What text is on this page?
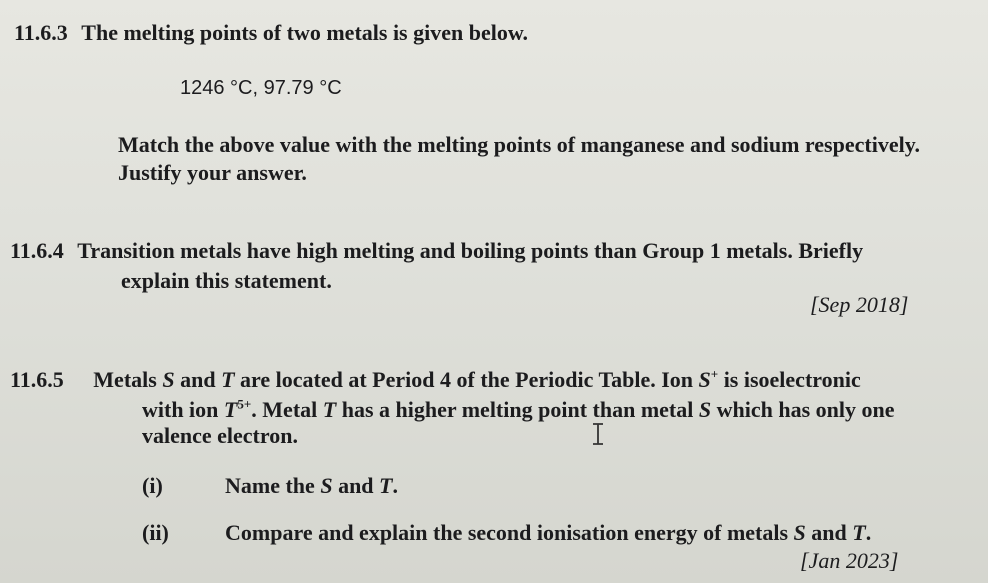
11.6.3 The melting points of two metals is given below.
1246 °C, 97.79 °C
Match the above value with the melting points of manganese and sodium respectively.
Justify your answer.
11.6.4 Transition metals have high melting and boiling points than Group 1 metals. Briefly
explain this statement.
[Sep 2018]
11.6.5 Metals S and T are located at Period 4 of the Periodic Table. Ion S+ is isoelectronic
with ion $T^{5+}$. Metal T has a higher melting point than metal S which has only one
valence electron.
(i)	Name the S and T.
(ii)	Compare and explain the second ionisation energy of metals S and T.
[Jan 2023]
